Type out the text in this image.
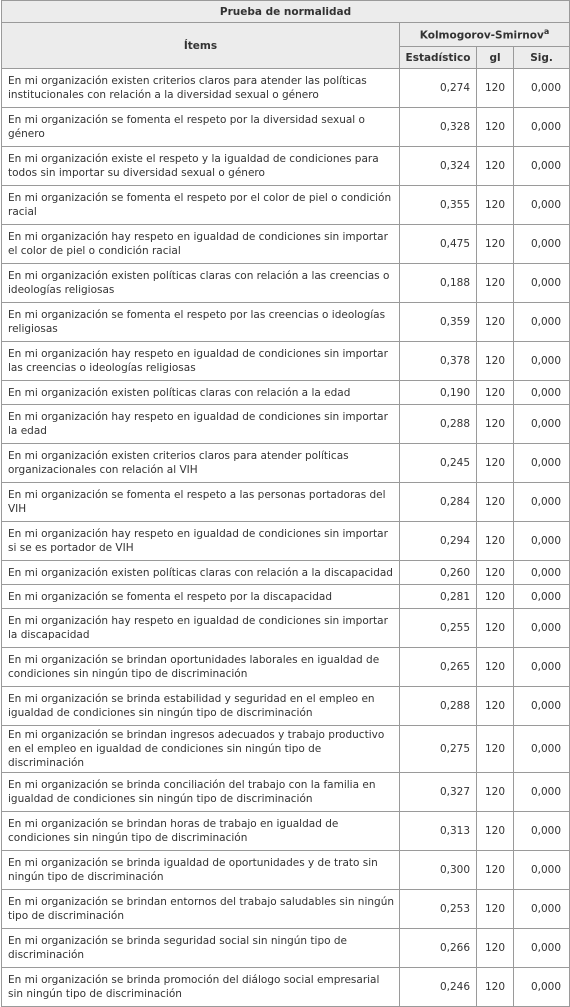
Prueba de normalidad			
Ítems	Kolmogorov-Smirnov$^a$
	Estadístico	gl	Sig.
En mi organización existen criterios claros para atender las políticas institucionales con relación a la diversidad sexual o género	0,274	120	0,000
En mi organización se fomenta el respeto por la diversidad sexual o género	0,328	120	0,000
En mi organización existe el respeto y la igualdad de condiciones para todos sin importar su diversidad sexual o género	0,324	120	0,000
En mi organización se fomenta el respeto por el color de piel o condición racial	0,355	120	0,000
En mi organización hay respeto en igualdad de condiciones sin importar el color de piel o condición racial	0,475	120	0,000
En mi organización existen políticas claras con relación a las creencias o ideologías religiosas	0,188	120	0,000
En mi organización se fomenta el respeto por las creencias o ideologías religiosas	0,359	120	0,000
En mi organización hay respeto en igualdad de condiciones sin importar las creencias o ideologías religiosas	0,378	120	0,000
En mi organización existen políticas claras con relación a la edad	0,190	120	0,000
En mi organización hay respeto en igualdad de condiciones sin importar la edad	0,288	120	0,000
En mi organización existen criterios claros para atender políticas organizacionales con relación al VIH	0,245	120	0,000
En mi organización se fomenta el respeto a las personas portadoras del VIH	0,284	120	0,000
En mi organización hay respeto en igualdad de condiciones sin importar si se es portador de VIH	0,294	120	0,000
En mi organización existen políticas claras con relación a la discapacidad	0,260	120	0,000
En mi organización se fomenta el respeto por la discapacidad	0,281	120	0,000
En mi organización hay respeto en igualdad de condiciones sin importar la discapacidad	0,255	120	0,000
En mi organización se brindan oportunidades laborales en igualdad de condiciones sin ningún tipo de discriminación	0,265	120	0,000
En mi organización se brinda estabilidad y seguridad en el empleo en igualdad de condiciones sin ningún tipo de discriminación	0,288	120	0,000
En mi organización se brindan ingresos adecuados y trabajo productivo en el empleo en igualdad de condiciones sin ningún tipo de discriminación	0,275	120	0,000
En mi organización se brinda conciliación del trabajo con la familia en igualdad de condiciones sin ningún tipo de discriminación	0,327	120	0,000
En mi organización se brindan horas de trabajo en igualdad de condiciones sin ningún tipo de discriminación	0,313	120	0,000
En mi organización se brinda igualdad de oportunidades y de trato sin ningún tipo de discriminación	0,300	120	0,000
En mi organización se brindan entornos del trabajo saludables sin ningún tipo de discriminación	0,253	120	0,000
En mi organización se brinda seguridad social sin ningún tipo de discriminación	0,266	120	0,000
En mi organización se brinda promoción del diálogo social empresarial sin ningún tipo de discriminación	0,246	120	0,000
